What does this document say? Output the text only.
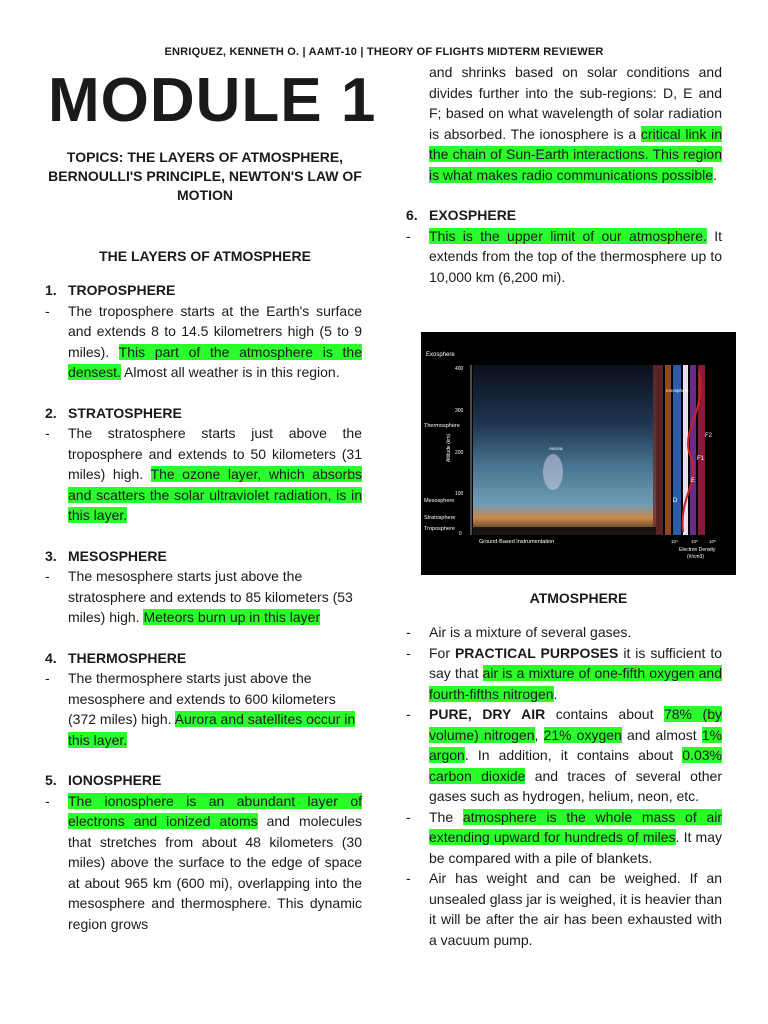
ENRIQUEZ, KENNETH O. | AAMT-10 | THEORY OF FLIGHTS MIDTERM REVIEWER
MODULE 1
TOPICS: THE LAYERS OF ATMOSPHERE, BERNOULLI'S PRINCIPLE, NEWTON'S LAW OF MOTION
THE LAYERS OF ATMOSPHERE
1. TROPOSPHERE
- The troposphere starts at the Earth's surface and extends 8 to 14.5 kilometrers high (5 to 9 miles). This part of the atmosphere is the densest. Almost all weather is in this region.
2. STRATOSPHERE
- The stratosphere starts just above the troposphere and extends to 50 kilometers (31 miles) high. The ozone layer, which absorbs and scatters the solar ultraviolet radiation, is in this layer.
3. MESOSPHERE
- The mesosphere starts just above the stratosphere and extends to 85 kilometers (53 miles) high. Meteors burn up in this layer
4. THERMOSPHERE
- The thermosphere starts just above the mesosphere and extends to 600 kilometers (372 miles) high. Aurora and satellites occur in this layer.
5. IONOSPHERE
- The ionosphere is an abundant layer of electrons and ionized atoms and molecules that stretches from about 48 kilometers (30 miles) above the surface to the edge of space at about 965 km (600 mi), overlapping into the mesosphere and thermosphere. This dynamic region grows
and shrinks based on solar conditions and divides further into the sub-regions: D, E and F; based on what wavelength of solar radiation is absorbed. The ionosphere is a critical link in the chain of Sun-Earth interactions. This region is what makes radio communications possible.
6. EXOSPHERE
- This is the upper limit of our atmosphere. It extends from the top of the thermosphere up to 10,000 km (6,200 mi).
Exosphere
Thermosphere
Mesosphere
Stratosphere
Troposphere
400
300
200
100
0
Altitude (km)
Ionosphere
Aurora
F2
F1
E
D
Ground-Based Instrumentation	10⁴	10⁵ 10⁶
Electron Density
(#/cm3)
ATMOSPHERE
- Air is a mixture of several gases.
- For PRACTICAL PURPOSES it is sufficient to say that air is a mixture of one-fifth oxygen and fourth-fifths nitrogen.
- PURE, DRY AIR contains about 78% (by volume) nitrogen, 21% oxygen and almost 1% argon. In addition, it contains about 0.03% carbon dioxide and traces of several other gases such as hydrogen, helium, neon, etc.
- The atmosphere is the whole mass of air extending upward for hundreds of miles. It may be compared with a pile of blankets.
- Air has weight and can be weighed. If an unsealed glass jar is weighed, it is heavier than it will be after the air has been exhausted with a vacuum pump.
